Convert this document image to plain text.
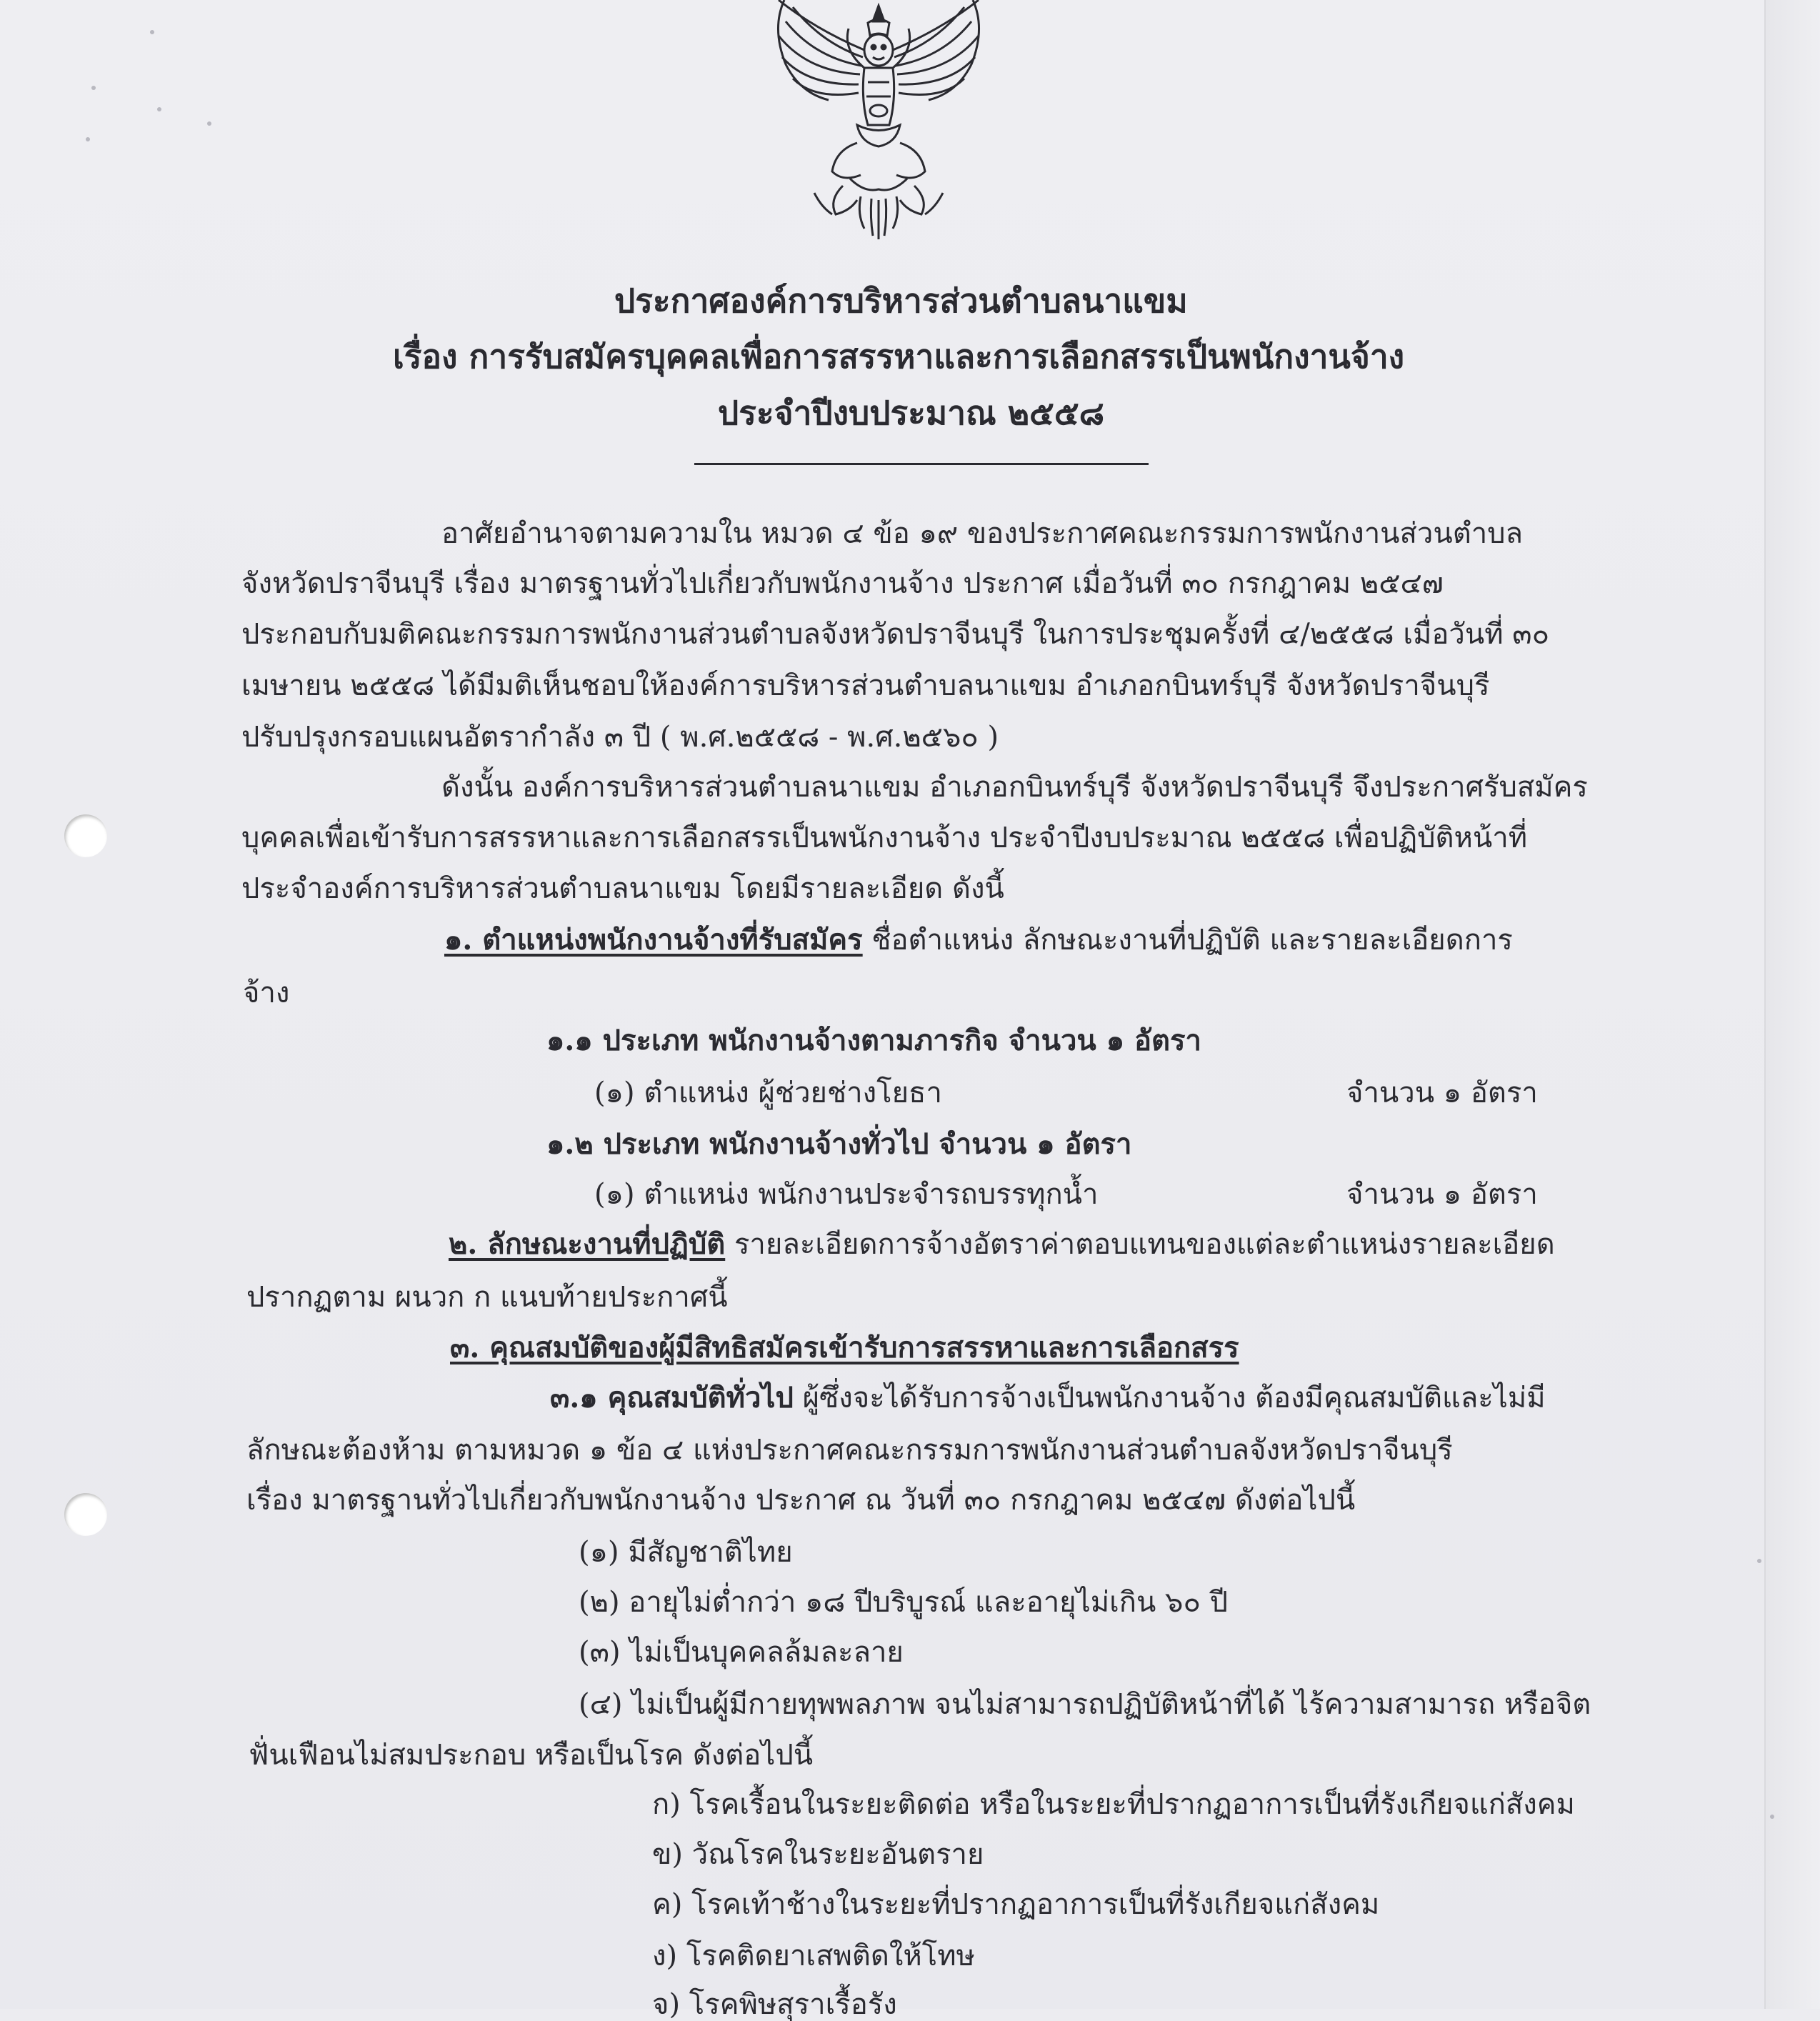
ประกาศองค์การบริหารส่วนตำบลนาแขม
เรื่อง การรับสมัครบุคคลเพื่อการสรรหาและการเลือกสรรเป็นพนักงานจ้าง
ประจำปีงบประมาณ ๒๕๕๘
อาศัยอำนาจตามความใน หมวด ๔ ข้อ ๑๙ ของประกาศคณะกรรมการพนักงานส่วนตำบล
จังหวัดปราจีนบุรี เรื่อง มาตรฐานทั่วไปเกี่ยวกับพนักงานจ้าง ประกาศ เมื่อวันที่ ๓๐ กรกฎาคม ๒๕๔๗
ประกอบกับมติคณะกรรมการพนักงานส่วนตำบลจังหวัดปราจีนบุรี ในการประชุมครั้งที่ ๔/๒๕๕๘ เมื่อวันที่ ๓๐
เมษายน ๒๕๕๘ ได้มีมติเห็นชอบให้องค์การบริหารส่วนตำบลนาแขม อำเภอกบินทร์บุรี จังหวัดปราจีนบุรี
ปรับปรุงกรอบแผนอัตรากำลัง ๓ ปี ( พ.ศ.๒๕๕๘ - พ.ศ.๒๕๖๐ )
ดังนั้น องค์การบริหารส่วนตำบลนาแขม อำเภอกบินทร์บุรี จังหวัดปราจีนบุรี จึงประกาศรับสมัคร
บุคคลเพื่อเข้ารับการสรรหาและการเลือกสรรเป็นพนักงานจ้าง ประจำปีงบประมาณ ๒๕๕๘ เพื่อปฏิบัติหน้าที่
ประจำองค์การบริหารส่วนตำบลนาแขม โดยมีรายละเอียด ดังนี้
๑. ตำแหน่งพนักงานจ้างที่รับสมัคร ชื่อตำแหน่ง ลักษณะงานที่ปฏิบัติ และรายละเอียดการ
จ้าง
๑.๑ ประเภท พนักงานจ้างตามภารกิจ จำนวน ๑ อัตรา
(๑) ตำแหน่ง ผู้ช่วยช่างโยธา	จำนวน ๑ อัตรา
๑.๒ ประเภท พนักงานจ้างทั่วไป จำนวน ๑ อัตรา
(๑) ตำแหน่ง พนักงานประจำรถบรรทุกน้ำ	จำนวน ๑ อัตรา
๒. ลักษณะงานที่ปฏิบัติ รายละเอียดการจ้างอัตราค่าตอบแทนของแต่ละตำแหน่งรายละเอียด
ปรากฏตาม ผนวก ก แนบท้ายประกาศนี้
๓. คุณสมบัติของผู้มีสิทธิสมัครเข้ารับการสรรหาและการเลือกสรร
๓.๑ คุณสมบัติทั่วไป ผู้ซึ่งจะได้รับการจ้างเป็นพนักงานจ้าง ต้องมีคุณสมบัติและไม่มี
ลักษณะต้องห้าม ตามหมวด ๑ ข้อ ๔ แห่งประกาศคณะกรรมการพนักงานส่วนตำบลจังหวัดปราจีนบุรี
เรื่อง มาตรฐานทั่วไปเกี่ยวกับพนักงานจ้าง ประกาศ ณ วันที่ ๓๐ กรกฎาคม ๒๕๔๗ ดังต่อไปนี้
(๑) มีสัญชาติไทย
(๒) อายุไม่ต่ำกว่า ๑๘ ปีบริบูรณ์ และอายุไม่เกิน ๖๐ ปี
(๓) ไม่เป็นบุคคลล้มละลาย
(๔) ไม่เป็นผู้มีกายทุพพลภาพ จนไม่สามารถปฏิบัติหน้าที่ได้ ไร้ความสามารถ หรือจิต
ฟั่นเฟือนไม่สมประกอบ หรือเป็นโรค ดังต่อไปนี้
ก) โรคเรื้อนในระยะติดต่อ หรือในระยะที่ปรากฏอาการเป็นที่รังเกียจแก่สังคม
ข) วัณโรคในระยะอันตราย
ค) โรคเท้าช้างในระยะที่ปรากฏอาการเป็นที่รังเกียจแก่สังคม
ง) โรคติดยาเสพติดให้โทษ
จ) โรคพิษสุราเรื้อรัง
